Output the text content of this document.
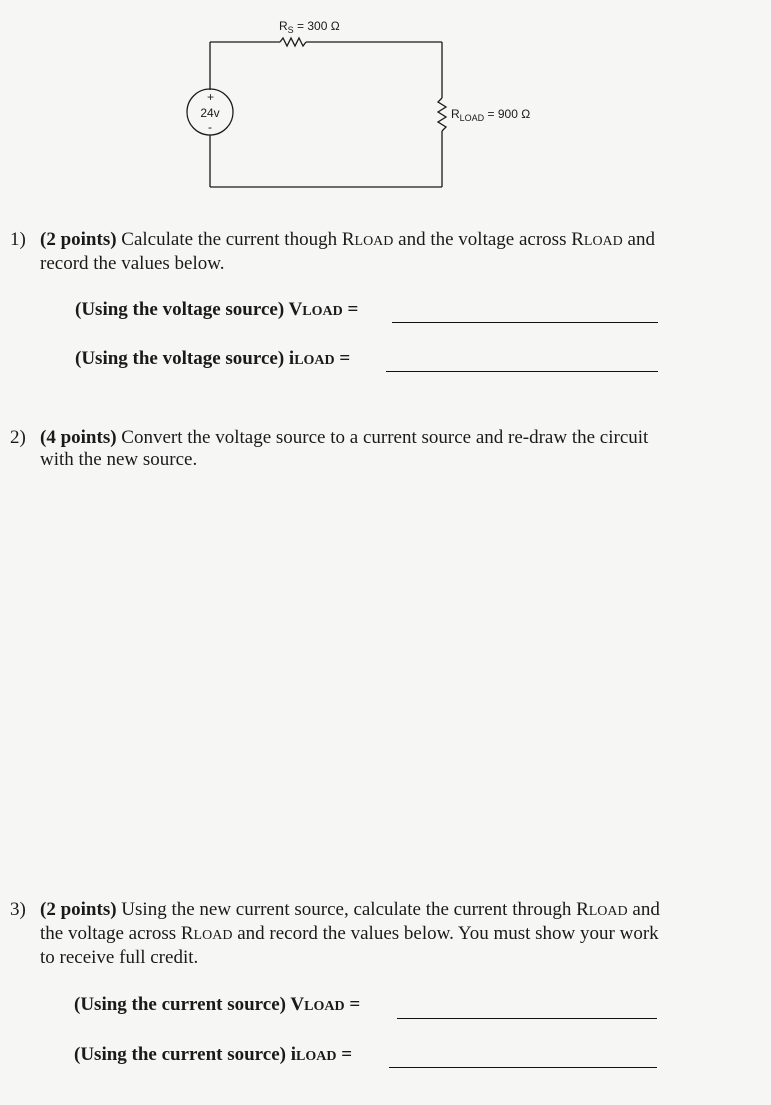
+
24v
-
$R_S = 300$ Ω
$R_{LOAD} = 900$ Ω
1) (2 points) Calculate the current though RLOAD and the voltage across RLOAD and
record the values below.
(Using the voltage source) VLOAD =
(Using the voltage source) iLOAD =
2) (4 points) Convert the voltage source to a current source and re-draw the circuit
with the new source.
3) (2 points) Using the new current source, calculate the current through RLOAD and
the voltage across RLOAD and record the values below. You must show your work
to receive full credit.
(Using the current source) VLOAD =
(Using the current source) iLOAD =
